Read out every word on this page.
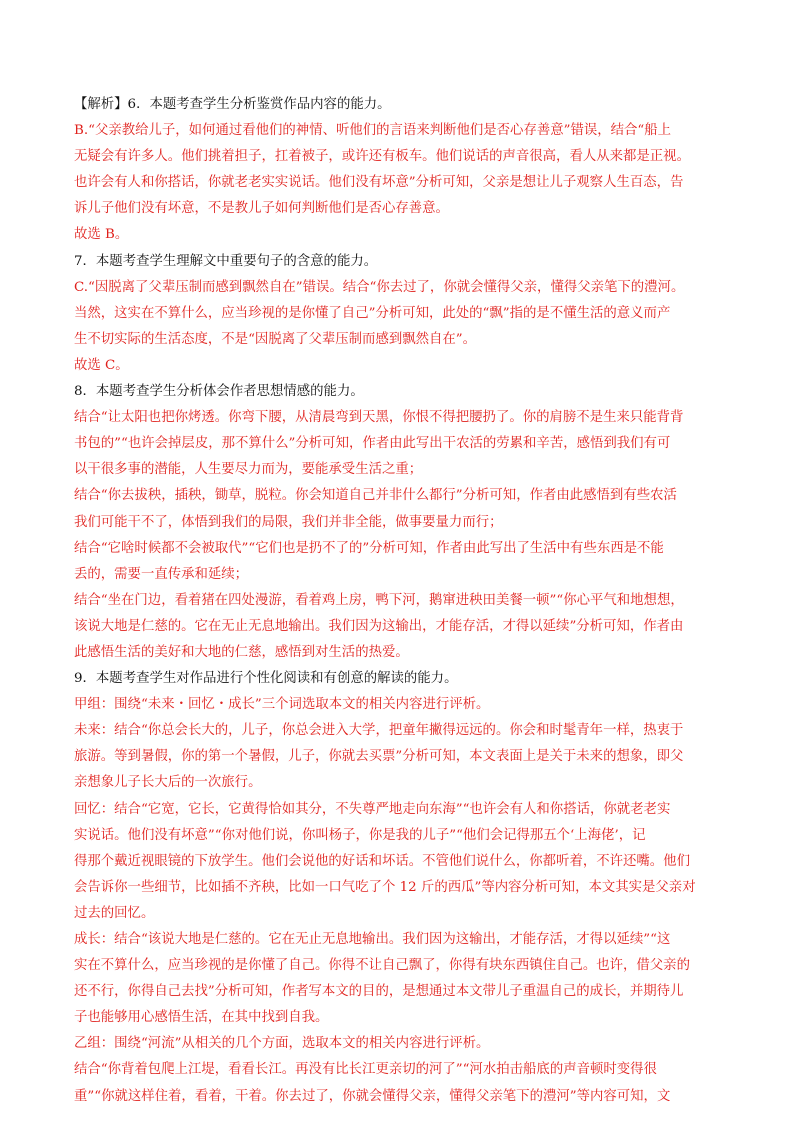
【解析】6．本题考查学生分析鉴赏作品内容的能力。
B.“父亲教给儿子，如何通过看他们的神情、听他们的言语来判断他们是否心存善意”错误，结合“船上
无疑会有许多人。他们挑着担子，扛着被子，或许还有板车。他们说话的声音很高，看人从来都是正视。
也许会有人和你搭话，你就老老实实说话。他们没有坏意”分析可知，父亲是想让儿子观察人生百态，告
诉儿子他们没有坏意，不是教儿子如何判断他们是否心存善意。
故选 B。
7．本题考查学生理解文中重要句子的含意的能力。
C.“因脱离了父辈压制而感到飘然自在”错误。结合“你去过了，你就会懂得父亲，懂得父亲笔下的澧河。
当然，这实在不算什么，应当珍视的是你懂了自己”分析可知，此处的“飘”指的是不懂生活的意义而产
生不切实际的生活态度，不是“因脱离了父辈压制而感到飘然自在”。
故选 C。
8．本题考查学生分析体会作者思想情感的能力。
结合“让太阳也把你烤透。你弯下腰，从清晨弯到天黑，你恨不得把腰扔了。你的肩膀不是生来只能背背
书包的”“也许会掉层皮，那不算什么”分析可知，作者由此写出干农活的劳累和辛苦，感悟到我们有可
以干很多事的潜能，人生要尽力而为，要能承受生活之重；
结合“你去拔秧，插秧，锄草，脱粒。你会知道自己并非什么都行”分析可知，作者由此感悟到有些农活
我们可能干不了，体悟到我们的局限，我们并非全能，做事要量力而行；
结合“它啥时候都不会被取代”“它们也是扔不了的”分析可知，作者由此写出了生活中有些东西是不能
丢的，需要一直传承和延续；
结合“坐在门边，看着猪在四处漫游，看着鸡上房，鸭下河，鹅窜进秧田美餐一顿”“你心平气和地想想，
该说大地是仁慈的。它在无止无息地输出。我们因为这输出，才能存活，才得以延续”分析可知，作者由
此感悟生活的美好和大地的仁慈，感悟到对生活的热爱。
9．本题考查学生对作品进行个性化阅读和有创意的解读的能力。
甲组：围绕“未来・回忆・成长”三个词选取本文的相关内容进行评析。
未来：结合“你总会长大的，儿子，你总会进入大学，把童年撇得远远的。你会和时髦青年一样，热衷于
旅游。等到暑假，你的第一个暑假，儿子，你就去买票”分析可知，本文表面上是关于未来的想象，即父
亲想象儿子长大后的一次旅行。
回忆：结合“它宽，它长，它黄得恰如其分，不失尊严地走向东海”“也许会有人和你搭话，你就老老实
实说话。他们没有坏意”“你对他们说，你叫杨子，你是我的儿子”“他们会记得那五个‘上海佬’，记
得那个戴近视眼镜的下放学生。他们会说他的好话和坏话。不管他们说什么，你都听着，不许还嘴。他们
会告诉你一些细节，比如插不齐秧，比如一口气吃了个 12 斤的西瓜”等内容分析可知，本文其实是父亲对
过去的回忆。
成长：结合“该说大地是仁慈的。它在无止无息地输出。我们因为这输出，才能存活，才得以延续”“这
实在不算什么，应当珍视的是你懂了自己。你得不让自己飘了，你得有块东西镇住自己。也许，借父亲的
还不行，你得自己去找”分析可知，作者写本文的目的，是想通过本文带儿子重温自己的成长，并期待儿
子也能够用心感悟生活，在其中找到自我。
乙组：围绕“河流”从相关的几个方面，选取本文的相关内容进行评析。
结合“你背着包爬上江堤，看看长江。再没有比长江更亲切的河了”“河水拍击船底的声音顿时变得很
重”“你就这样住着，看着，干着。你去过了，你就会懂得父亲，懂得父亲笔下的澧河”等内容可知，文
